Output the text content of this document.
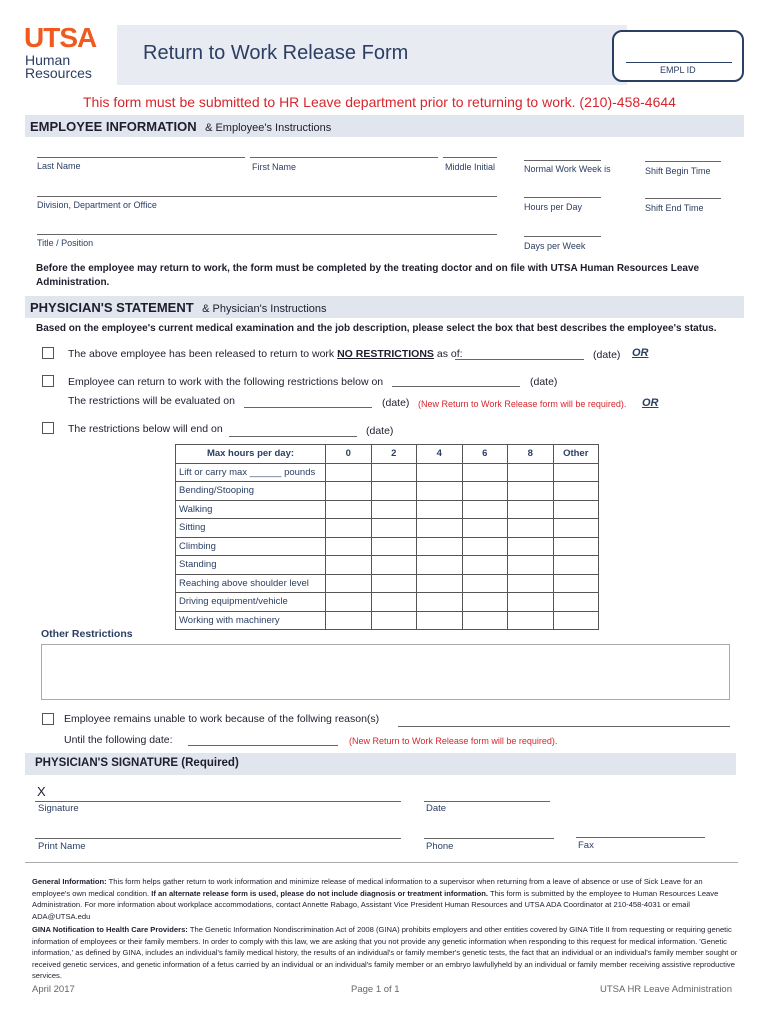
UTSA
Human
Resources
Return to Work Release Form
EMPL ID
This form must be submitted to HR Leave department prior to returning to work. (210)-458-4644
EMPLOYEE INFORMATION & Employee's Instructions
Last Name	First Name	Middle Initial
Division, Department or Office
Title / Position
Normal Work Week is
Hours per Day
Days per Week
Shift Begin Time
Shift End Time
Before the employee may return to work, the form must be completed by the treating doctor and on file with UTSA Human Resources Leave Administration.
PHYSICIAN'S STATEMENT & Physician's Instructions
Based on the employee's current medical examination and the job description, please select the box that best describes the employee's status.
The above employee has been released to return to work NO RESTRICTIONS as of:	(date) OR
Employee can return to work with the following restrictions below on	(date)
The restrictions will be evaluated on	(date) (New Return to Work Release form will be required). OR
The restrictions below will end on	(date)
Max hours per day:	0	2	4	6	8	Other
Lift or carry max ______ pounds						
Bending/Stooping						
Walking						
Sitting						
Climbing						
Standing						
Reaching above shoulder level						
Driving equipment/vehicle						
Working with machinery						
Other Restrictions
Employee remains unable to work because of the follwing reason(s)
Until the following date:	(New Return to Work Release form will be required).
PHYSICIAN'S SIGNATURE (Required)
X
Signature	Date
Print Name	Phone	Fax
General Information: This form helps gather return to work information and minimize release of medical information to a supervisor when returning from a leave of absence or use of Sick Leave for an employee's own medical condition. If an alternate release form is used, please do not include diagnosis or treatment information. This form is submitted by the employee to Human Resources Leave Administration. For more information about workplace accommodations, contact Annette Rabago, Assistant Vice President Human Resources and UTSA ADA Coordinator at 210-458-4031 or email ADA@UTSA.edu
GINA Notification to Health Care Providers: The Genetic Information Nondiscrimination Act of 2008 (GINA) prohibits employers and other entities covered by GINA Title II from requesting or requiring genetic information of employees or their family members. In order to comply with this law, we are asking that you not provide any genetic information when responding to this request for medical information. 'Genetic information,' as defined by GINA, includes an individual's family medical history, the results of an individual's or family member's genetic tests, the fact that an individual or an individual's family member sought or received genetic services, and genetic information of a fetus carried by an individual or an individual's family member or an embryo lawfullyheld by an individual or family member receiving assistive reproductive services.
April 2017	Page 1 of 1	UTSA HR Leave Administration
